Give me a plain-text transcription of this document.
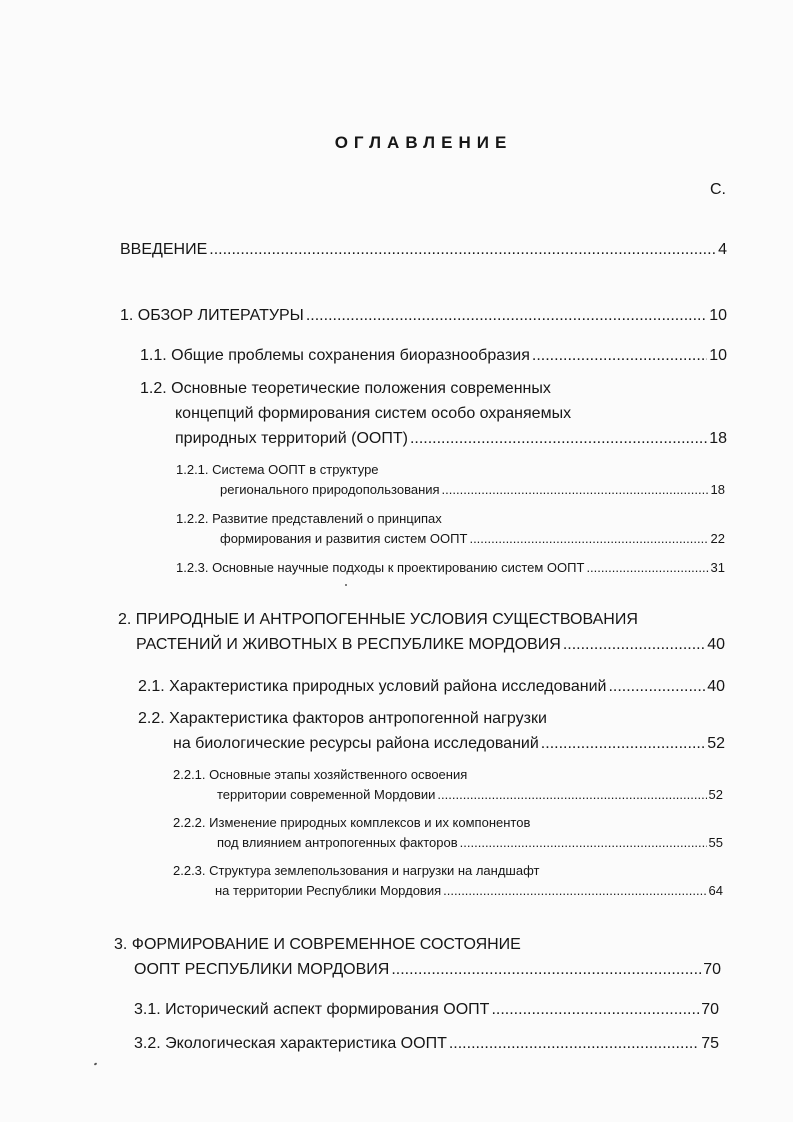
ОГЛАВЛЕНИЕ
С.
ВВЕДЕНИЕ .....	4
1. ОБЗОР ЛИТЕРАТУРЫ .....	10
1.1. Общие проблемы сохранения биоразнообразия .....	10
1.2. Основные теоретические положения современных
концепций формирования систем особо охраняемых
природных территорий (ООПТ) .....	18
1.2.1. Система ООПТ в структуре
регионального природопользования .....	18
1.2.2. Развитие представлений о принципах
формирования и развития систем ООПТ .....	22
1.2.3. Основные научные подходы к проектированию систем ООПТ .....	31
2. ПРИРОДНЫЕ И АНТРОПОГЕННЫЕ УСЛОВИЯ СУЩЕСТВОВАНИЯ
РАСТЕНИЙ И ЖИВОТНЫХ В РЕСПУБЛИКЕ МОРДОВИЯ .....	40
2.1. Характеристика природных условий района исследований .....	40
2.2. Характеристика факторов антропогенной нагрузки
на биологические ресурсы района исследований .....	52
2.2.1. Основные этапы хозяйственного освоения
территории современной Мордовии .....	52
2.2.2. Изменение природных комплексов и их компонентов
под влиянием антропогенных факторов .....	55
2.2.3. Структура землепользования и нагрузки на ландшафт
на территории Республики Мордовия .....	64
3. ФОРМИРОВАНИЕ И СОВРЕМЕННОЕ СОСТОЯНИЕ
ООПТ РЕСПУБЛИКИ МОРДОВИЯ .....	70
3.1. Исторический аспект формирования ООПТ .....	70
3.2. Экологическая характеристика ООПТ .....	75
